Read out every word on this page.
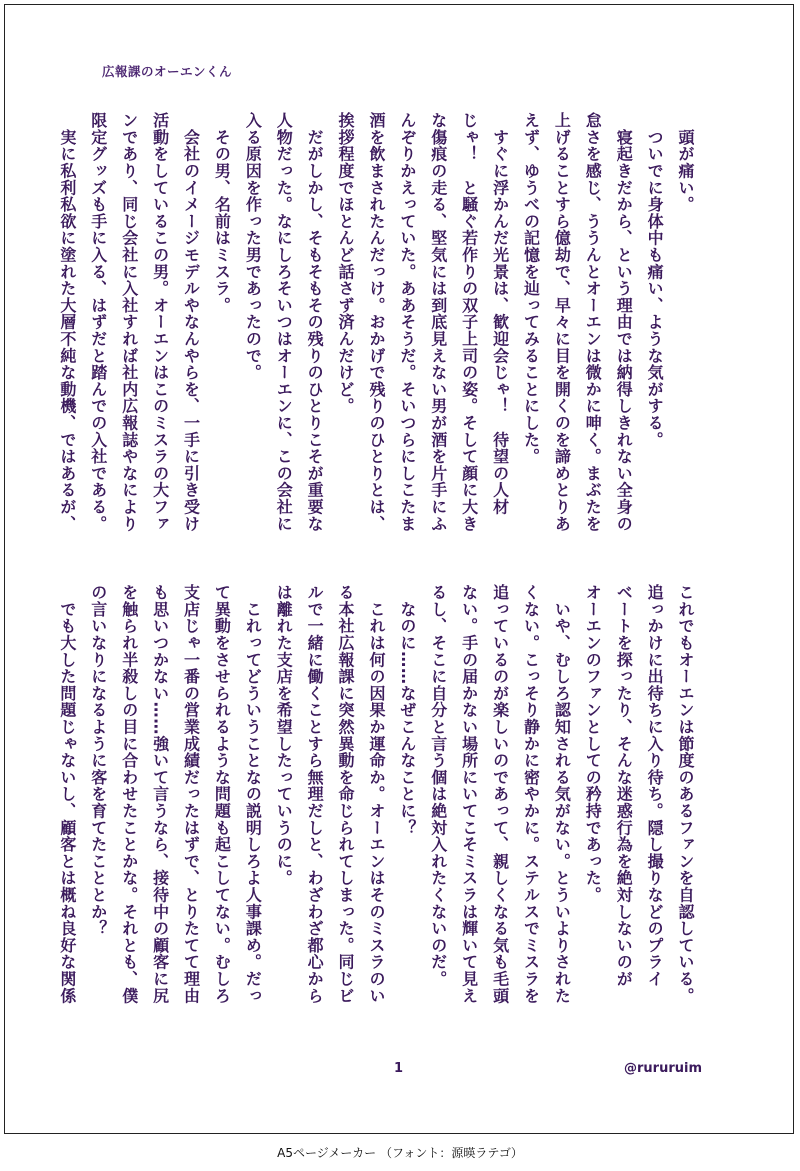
広報課のオーエンくん
　頭が痛い。
　ついでに身体中も痛い、ような気がする。
　寝起きだから、という理由では納得しきれない全身の
怠さを感じ、ううんとオーエンは微かに呻く。まぶたを
上げることすら億劫で、早々に目を開くのを諦めとりあ
えず、ゆうべの記憶を辿ってみることにした。
　すぐに浮かんだ光景は、歓迎会じゃ！　待望の人材
じゃ！　と騒ぐ若作りの双子上司の姿。そして顔に大き
な傷痕の走る、堅気には到底見えない男が酒を片手にふ
んぞりかえっていた。ああそうだ。そいつらにしこたま
酒を飲まされたんだっけ。おかげで残りのひとりとは、
挨拶程度でほとんど話さず済んだけど。
　だがしかし、そもそもその残りのひとりこそが重要な
人物だった。なにしろそいつはオーエンに、この会社に
入る原因を作った男であったので。
　その男、名前はミスラ。
　会社のイメージモデルやなんやらを、一手に引き受け
活動をしているこの男。オーエンはこのミスラの大ファ
ンであり、同じ会社に入社すれば社内広報誌やなにより
限定グッズも手に入る、はずだと踏んでの入社である。
　実に私利私欲に塗れた大層不純な動機、ではあるが、
これでもオーエンは節度のあるファンを自認している。
追っかけに出待ちに入り待ち。隠し撮りなどのプライ
ベートを探ったり、そんな迷惑行為を絶対しないのが
オーエンのファンとしての矜持であった。
　いや、むしろ認知される気がない。とういよりされた
くない。こっそり静かに密やかに。ステルスでミスラを
追っているのが楽しいのであって、親しくなる気も毛頭
ない。手の届かない場所にいてこそミスラは輝いて見え
るし、そこに自分と言う個は絶対入れたくないのだ。
　なのに……なぜこんなことに？
　これは何の因果か運命か。オーエンはそのミスラのい
る本社広報課に突然異動を命じられてしまった。同じビ
ルで一緒に働くことすら無理だしと、わざわざ都心から
は離れた支店を希望したっていうのに。
　これってどういうことなの説明しろよ人事課め。だっ
て異動をさせられるような問題も起こしてない。むしろ
支店じゃ一番の営業成績だったはずで、とりたてて理由
も思いつかない……強いて言うなら、接待中の顧客に尻
を触られ半殺しの目に合わせたことかな。それとも、僕
の言いなりになるように客を育てたこととか？
　でも大した問題じゃないし、顧客とは概ね良好な関係
1	@rururuim
A5ページメーカー （フォント：源暎ラテゴ）
